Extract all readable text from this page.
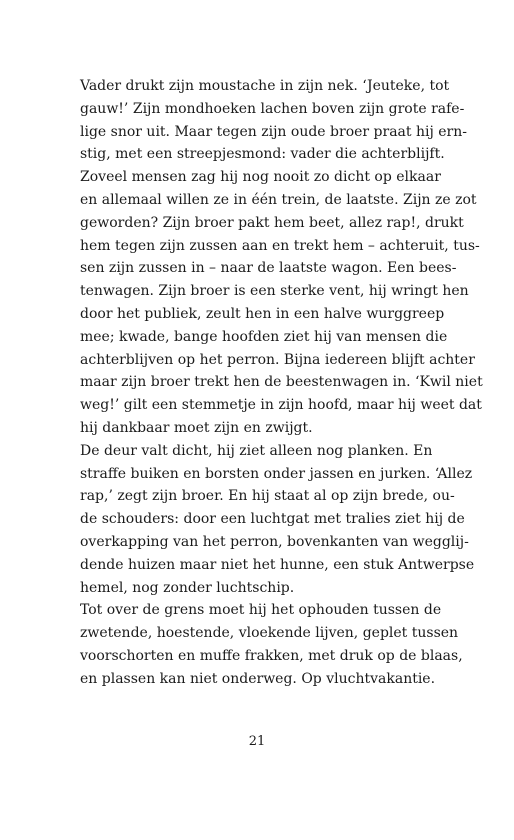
Vader drukt zijn moustache in zijn nek. ‘Jeuteke, tot
gauw!’ Zijn mondhoeken lachen boven zijn grote rafe-
lige snor uit. Maar tegen zijn oude broer praat hij ern-
stig, met een streepjesmond: vader die achterblijft.
Zoveel mensen zag hij nog nooit zo dicht op elkaar
en allemaal willen ze in één trein, de laatste. Zijn ze zot
geworden? Zijn broer pakt hem beet, allez rap!, drukt
hem tegen zijn zussen aan en trekt hem – achteruit, tus-
sen zijn zussen in – naar de laatste wagon. Een bees-
tenwagen. Zijn broer is een sterke vent, hij wringt hen
door het publiek, zeult hen in een halve wurggreep
mee; kwade, bange hoofden ziet hij van mensen die
achterblijven op het perron. Bijna iedereen blijft achter
maar zijn broer trekt hen de beestenwagen in. ‘Kwil niet
weg!’ gilt een stemmetje in zijn hoofd, maar hij weet dat
hij dankbaar moet zijn en zwijgt.
De deur valt dicht, hij ziet alleen nog planken. En
straffe buiken en borsten onder jassen en jurken. ‘Allez
rap,’ zegt zijn broer. En hij staat al op zijn brede, ou-
de schouders: door een luchtgat met tralies ziet hij de
overkapping van het perron, bovenkanten van wegglij-
dende huizen maar niet het hunne, een stuk Antwerpse
hemel, nog zonder luchtschip.
Tot over de grens moet hij het ophouden tussen de
zwetende, hoestende, vloekende lijven, geplet tussen
voorschorten en muffe frakken, met druk op de blaas,
en plassen kan niet onderweg. Op vluchtvakantie.
21
